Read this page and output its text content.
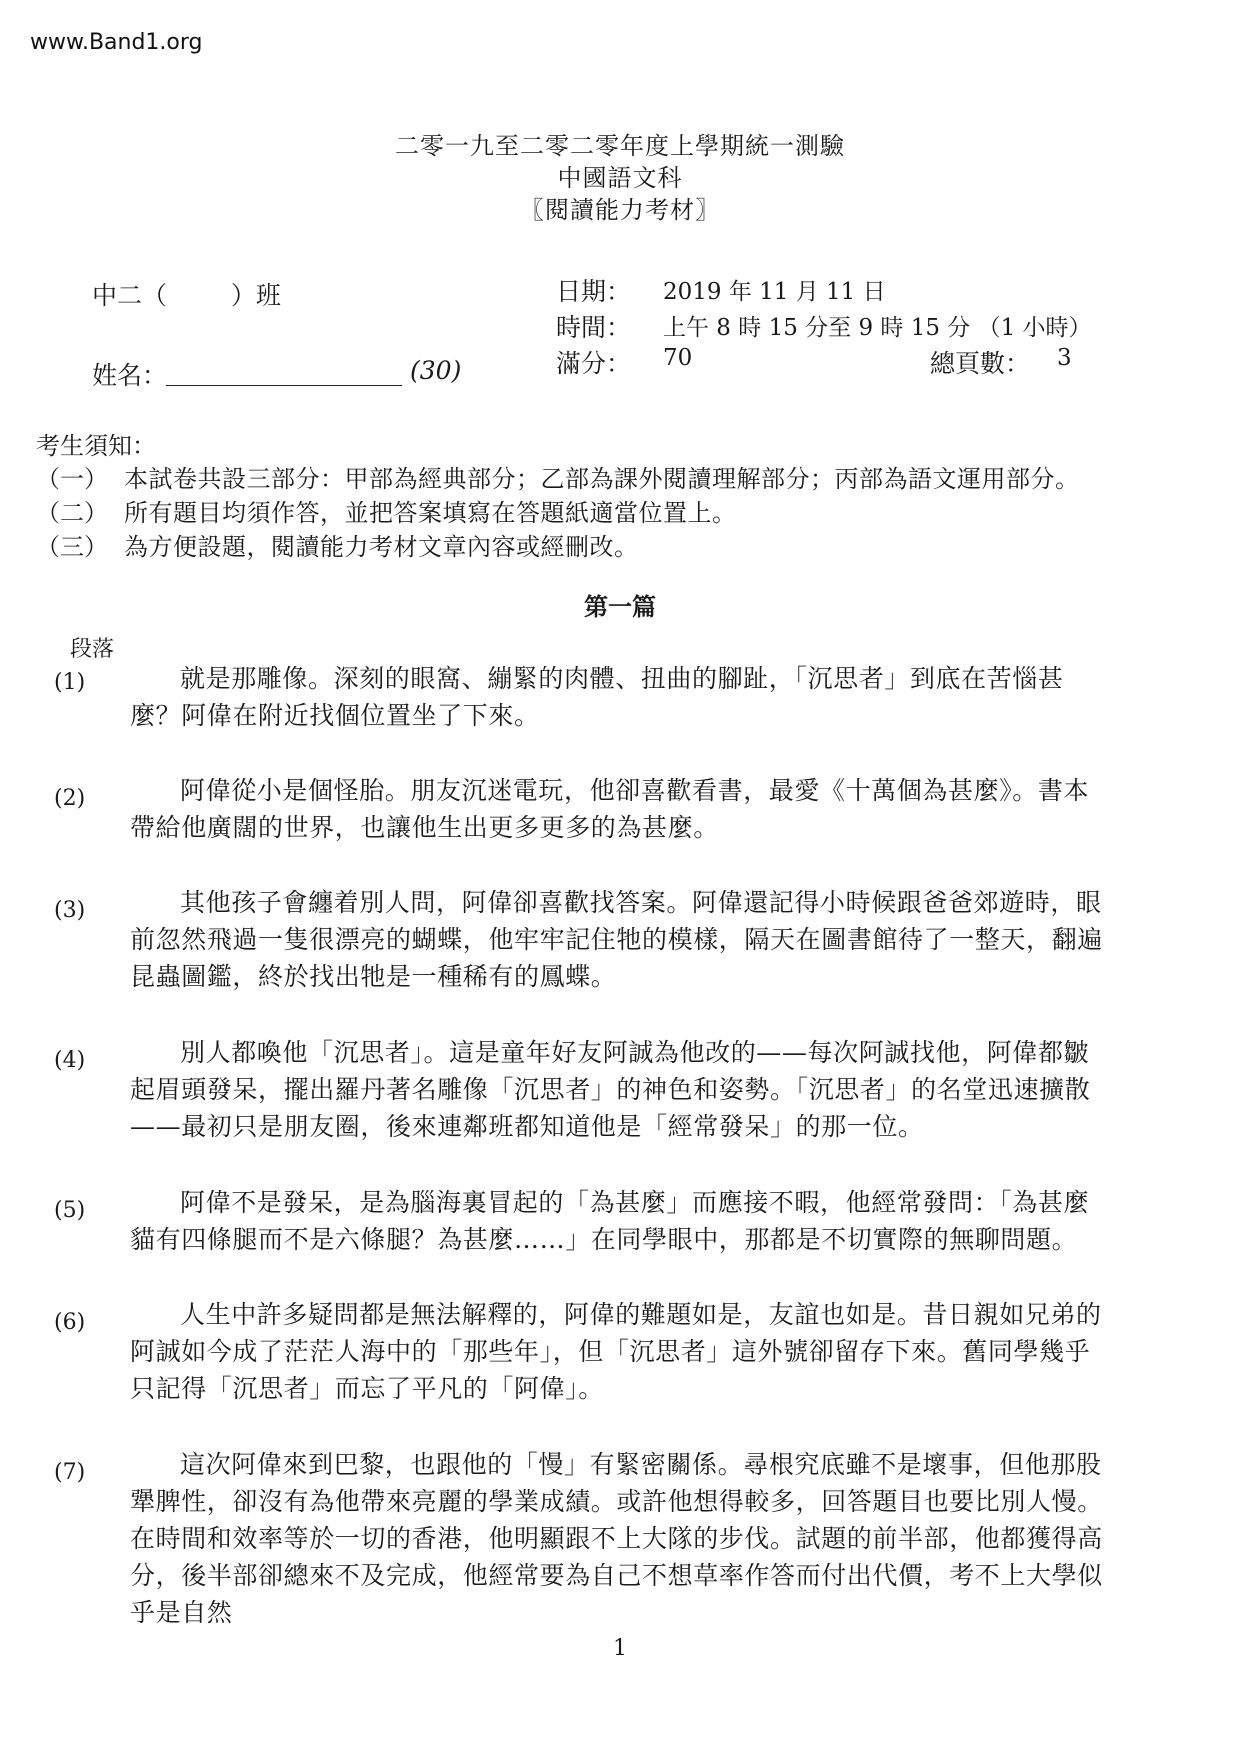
www.Band1.org
二零一九至二零二零年度上學期統一測驗
中國語文科
〖閱讀能力考材〗
中二（	）班
姓名：	(30)
日期： 2019 年 11 月 11 日
時間： 上午 8 時 15 分至 9 時 15 分 （1 小時）
滿分： 70	總頁數： 3
考生須知：
（一） 本試卷共設三部分：甲部為經典部分；乙部為課外閱讀理解部分；丙部為語文運用部分。
（二） 所有題目均須作答，並把答案填寫在答題紙適當位置上。
（三） 為方便設題，閱讀能力考材文章內容或經刪改。
第一篇
段落
(1)	就是那雕像。深刻的眼窩、繃緊的肉體、扭曲的腳趾，「沉思者」到底在苦惱甚麼？阿偉在附近找個位置坐了下來。
(2)	阿偉從小是個怪胎。朋友沉迷電玩，他卻喜歡看書，最愛《十萬個為甚麼》。書本帶給他廣闊的世界，也讓他生出更多更多的為甚麼。
(3)	其他孩子會纏着別人問，阿偉卻喜歡找答案。阿偉還記得小時候跟爸爸郊遊時，眼前忽然飛過一隻很漂亮的蝴蝶，他牢牢記住牠的模樣，隔天在圖書館待了一整天，翻遍昆蟲圖鑑，終於找出牠是一種稀有的鳳蝶。
(4)	別人都喚他「沉思者」。這是童年好友阿誠為他改的——每次阿誠找他，阿偉都皺起眉頭發呆，擺出羅丹著名雕像「沉思者」的神色和姿勢。「沉思者」的名堂迅速擴散——最初只是朋友圈，後來連鄰班都知道他是「經常發呆」的那一位。
(5)	阿偉不是發呆，是為腦海裏冒起的「為甚麼」而應接不暇，他經常發問：「為甚麼貓有四條腿而不是六條腿？為甚麼……」在同學眼中，那都是不切實際的無聊問題。
(6)	人生中許多疑問都是無法解釋的，阿偉的難題如是，友誼也如是。昔日親如兄弟的阿誠如今成了茫茫人海中的「那些年」，但「沉思者」這外號卻留存下來。舊同學幾乎只記得「沉思者」而忘了平凡的「阿偉」。
(7)	這次阿偉來到巴黎，也跟他的「慢」有緊密關係。尋根究底雖不是壞事，但他那股犟脾性，卻沒有為他帶來亮麗的學業成績。或許他想得較多，回答題目也要比別人慢。在時間和效率等於一切的香港，他明顯跟不上大隊的步伐。試題的前半部，他都獲得高分，後半部卻總來不及完成，他經常要為自己不想草率作答而付出代價，考不上大學似乎是自然
1
